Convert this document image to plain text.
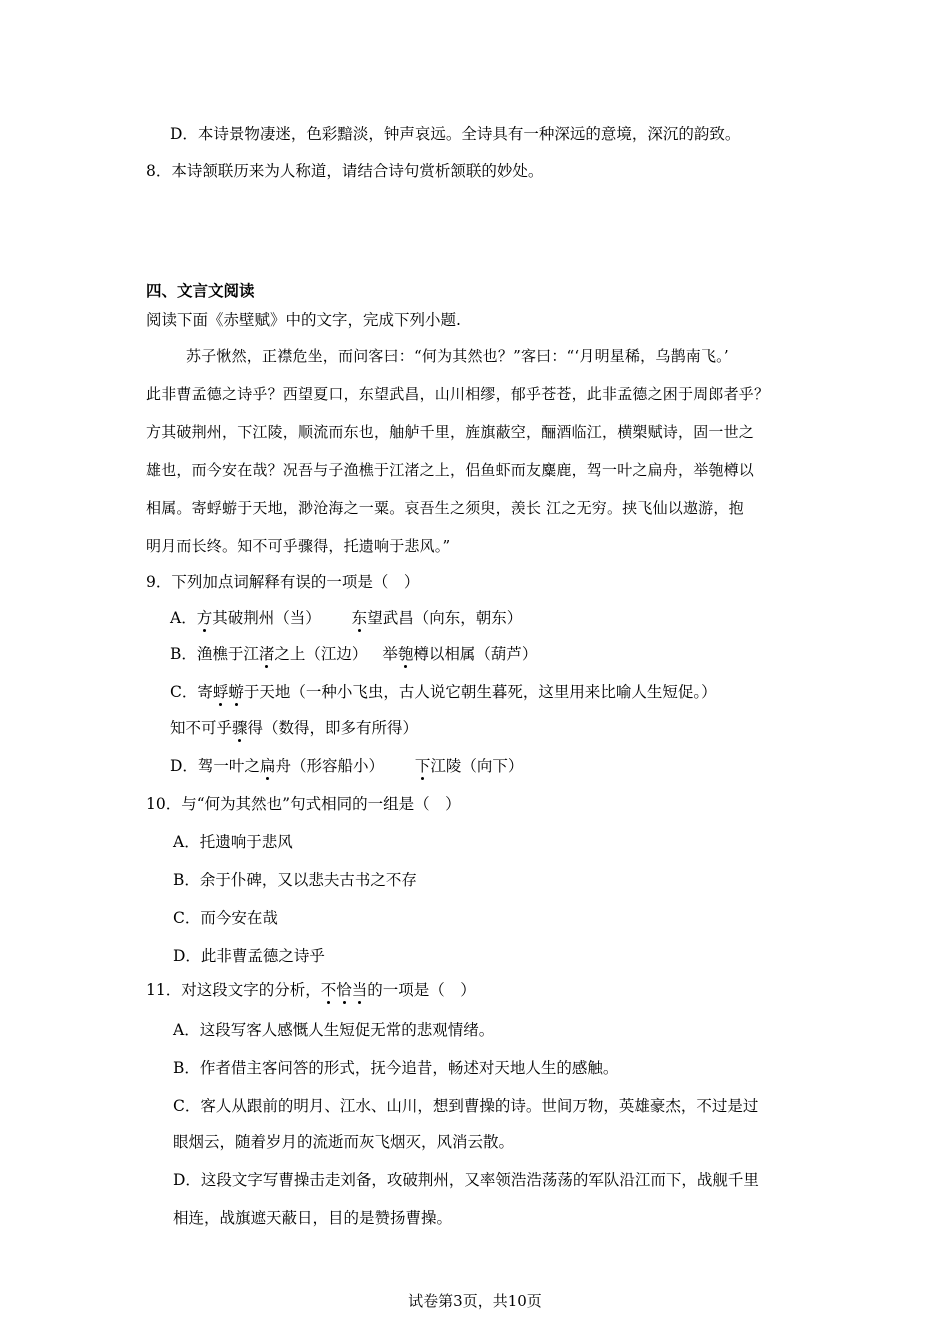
D．本诗景物凄迷，色彩黯淡，钟声哀远。全诗具有一种深远的意境，深沉的韵致。
8．本诗颔联历来为人称道，请结合诗句赏析颔联的妙处。
四、文言文阅读
阅读下面《赤壁赋》中的文字，完成下列小题.
苏子愀然，正襟危坐，而问客曰：“何为其然也？”客曰：“‘月明星稀，乌鹊南飞。’
此非曹孟德之诗乎？西望夏口，东望武昌，山川相缪，郁乎苍苍，此非孟德之困于周郎者乎？
方其破荆州，下江陵，顺流而东也，舳舻千里，旌旗蔽空，酾酒临江，横槊赋诗，固一世之
雄也，而今安在哉？况吾与子渔樵于江渚之上，侣鱼虾而友麋鹿，驾一叶之扁舟，举匏樽以
相属。寄蜉蝣于天地，渺沧海之一粟。哀吾生之须臾，羡长 江之无穷。挟飞仙以遨游，抱
明月而长终。知不可乎骤得，托遗响于悲风。”
9．下列加点词解释有误的一项是（　）
A．方其破荆州（当） 东望武昌（向东，朝东）
B．渔樵于江渚之上（江边） 举匏樽以相属（葫芦）
C．寄蜉蝣于天地（一种小飞虫，古人说它朝生暮死，这里用来比喻人生短促。）
知不可乎骤得（数得，即多有所得）
D．驾一叶之扁舟（形容船小） 下江陵（向下）
10．与“何为其然也”句式相同的一组是（　）
A．托遗响于悲风
B．余于仆碑，又以悲夫古书之不存
C．而今安在哉
D．此非曹孟德之诗乎
11．对这段文字的分析，不恰当的一项是（　）
A．这段写客人感慨人生短促无常的悲观情绪。
B．作者借主客问答的形式，抚今追昔，畅述对天地人生的感触。
C．客人从跟前的明月、江水、山川，想到曹操的诗。世间万物，英雄豪杰，不过是过
眼烟云，随着岁月的流逝而灰飞烟灭，风消云散。
D．这段文字写曹操击走刘备，攻破荆州，又率领浩浩荡荡的军队沿江而下，战舰千里
相连，战旗遮天蔽日，目的是赞扬曹操。
试卷第3页，共10页
